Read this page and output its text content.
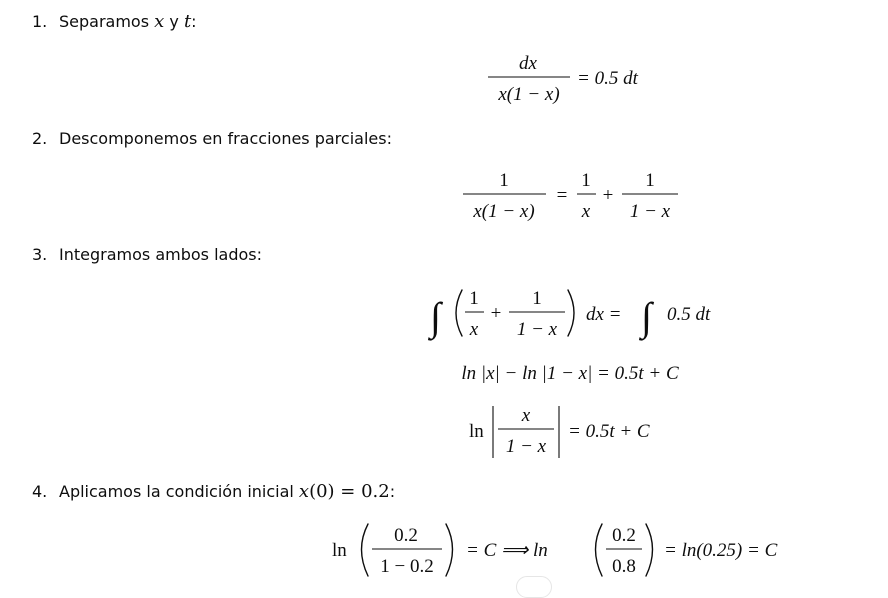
1. Separamos x y t:
dx
x(1 − x)
= 0.5 dt
2. Descomponemos en fracciones parciales:
1
x(1 − x)
=
1
x
+
1
1 − x
3. Integramos ambos lados:
∫ 1
x
+
1
1 − x
dx = ∫ 0.5 dt
ln |x| − ln |1 − x| = 0.5t + C
ln
x
1 − x
= 0.5t + C
4. Aplicamos la condición inicial x(0) = 0.2:
ln
0.2
1 − 0.2
= C ⟹ ln
0.2
0.8
= ln(0.25) = C
